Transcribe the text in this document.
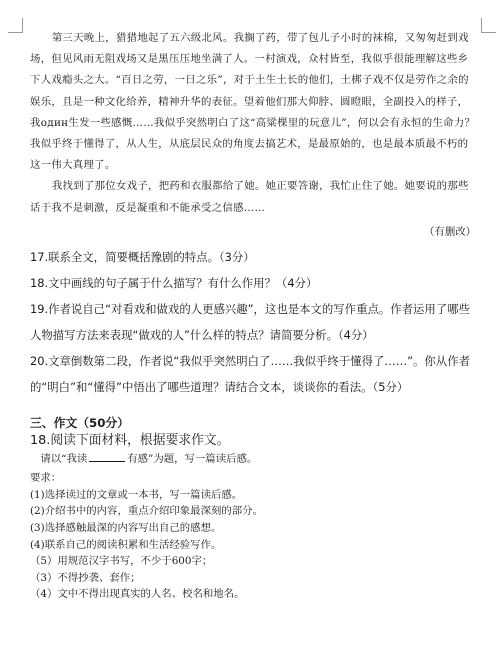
第三天晚上，猎猎地起了五六级北风。我搁了药，带了包儿子小时的袜棉，又匆匆赶到戏场，但见风雨无阻戏场又是黑压压地坐满了人。一村演戏，众村皆至，我似乎很能理解这些乡下人戏瘾头之大。“百日之劳，一日之乐”，对于土生土长的他们，土梆子戏不仅是劳作之余的娱乐，且是一种文化给养，精神升华的表征。望着他们那大仰脖、圆瞪眼，全副投入的样子，我один生发一些感慨……我似乎突然明白了这“高粱棵里的玩意儿”，何以会有永恒的生命力？我似乎终于懂得了，从人生，从底层民众的角度去搞艺术，是最原始的，也是最本质最不朽的这一伟大真理了。

我找到了那位女戏子，把药和衣服都给了她。她正要答谢，我忙止住了她。她要说的那些话于我不是刺激，反是凝重和不能承受之信感……

（有删改）

17.联系全文，简要概括豫剧的特点。（3分）

18.文中画线的句子属于什么描写？有什么作用？（4分）

19.作者说自己“对看戏和做戏的人更感兴趣”，这也是本文的写作重点。作者运用了哪些人物描写方法来表现“做戏的人”什么样的特点？请简要分析。（4分）

20.文章倒数第二段，作者说“我似乎突然明白了……我似乎终于懂得了……”。你从作者的“明白”和“懂得”中悟出了哪些道理？请结合文本，谈谈你的看法。（5分）

三、作文（50分）

18.阅读下面材料，根据要求作文。

请以“我读	有感”为题，写一篇读后感。

要求：

(1)选择读过的文章或一本书，写一篇读后感。
(2)介绍书中的内容，重点介绍印象最深刻的部分。
(3)选择感触最深的内容写出自己的感想。
(4)联系自己的阅读积累和生活经验写作。
（5）用规范汉字书写，不少于600字；
（3）不得抄袭、套作；
（4）文中不得出现真实的人名、校名和地名。
